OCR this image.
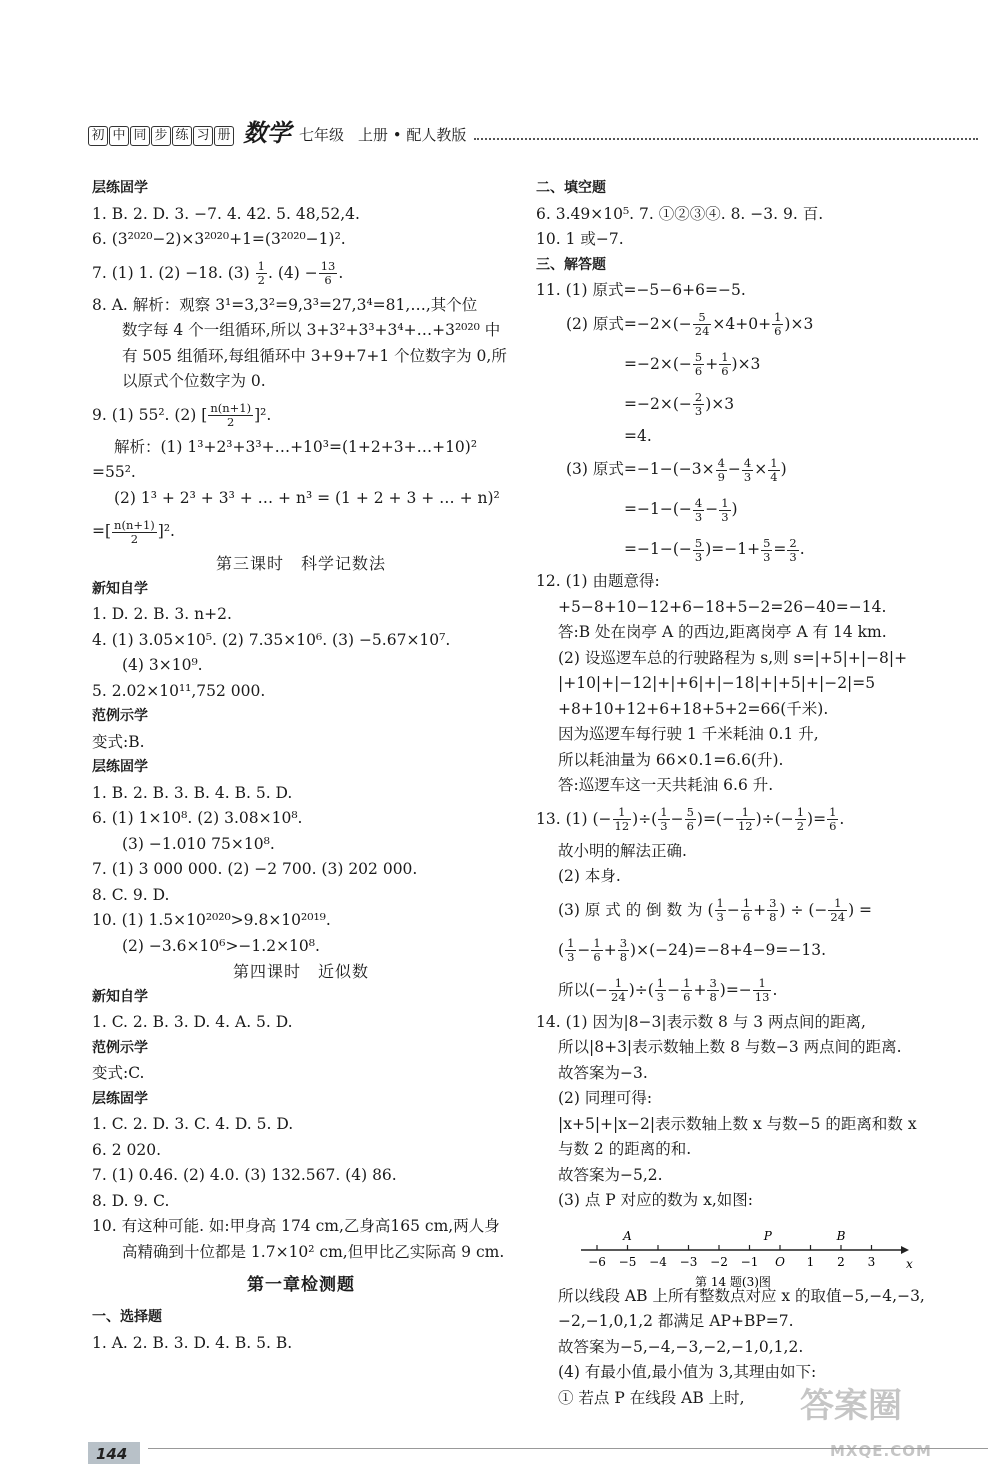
初 中 同 步 练 习 册 数学 七年级 上册 • 配人教版
层练固学
1. B. 2. D. 3. −7. 4. 42. 5. 48,52,4.
6. (3²⁰²⁰−2)×3²⁰²⁰+1=(3²⁰²⁰−1)².
7. (1) 1. (2) −18. $(3) \frac{1}{2}$ . $(4) - \frac{13}{6}$ .
8. A. 解析：观察 3¹=3,3²=9,3³=27,3⁴=81,…,其个位
数字每 4 个一组循环,所以 3+3²+3³+3⁴+…+3²⁰²⁰ 中
有 505 组循环,每组循环中 3+9+7+1 个位数字为 0,所
以原式个位数字为 0.
9. (1) 55². (2) [ $\frac{n(n+1)}{2} ]^2$.
解析：(1) 1³+2³+3³+…+10³=(1+2+3+…+10)²
=55².
(2) 1³ + 2³ + 3³ + … + n³ = (1 + 2 + 3 + … + n)²
=[ $\frac{n(n+1)}{2} ]^2$.
第三课时　科学记数法
新知自学
1. D. 2. B. 3. n+2.
4. (1) 3.05×10⁵. (2) 7.35×10⁶. (3) −5.67×10⁷.
(4) 3×10⁹.
5. 2.02×10¹¹,752 000.
范例示学
变式:B.
层练固学
1. B. 2. B. 3. B. 4. B. 5. D.
6. (1) 1×10⁸. (2) 3.08×10⁸.
(3) −1.010 75×10⁸.
7. (1) 3 000 000. (2) −2 700. (3) 202 000.
8. C. 9. D.
10. (1) 1.5×10²⁰²⁰>9.8×10²⁰¹⁹.
(2) −3.6×10⁶>−1.2×10⁸.
第四课时　近似数
新知自学
1. C. 2. B. 3. D. 4. A. 5. D.
范例示学
变式:C.
层练固学
1. C. 2. D. 3. C. 4. D. 5. D.
6. 2 020.
7. (1) 0.46. (2) 4.0. (3) 132.567. (4) 86.
8. D. 9. C.
10. 有这种可能. 如:甲身高 174 cm,乙身高165 cm,两人身
高精确到十位都是 1.7×10² cm,但甲比乙实际高 9 cm.
第一章检测题
一、选择题
1. A. 2. B. 3. D. 4. B. 5. B.
二、填空题
6. 3.49×10⁵. 7. ①②③④. 8. −3. 9. 百.
10. 1 或−7.
三、解答题
11. (1) 原式=−5−6+6=−5.
(2) 原式$=-2\times(- \frac{5}{24} \times 4+0+ \frac{1}{6} )\times 3$
$=-2\times(- \frac{5}{6} + \frac{1}{6} )\times 3$
$=-2\times(- \frac{2}{3} )\times 3$
=4.
(3) 原式$=-1-(-3\times \frac{4}{9} - \frac{4}{3} \times \frac{1}{4}$ )
$=-1-(- \frac{4}{3} - \frac{1}{3}$ )
$=-1-(- \frac{5}{3} )=-1+ \frac{5}{3} = \frac{2}{3}$ .
12. (1) 由题意得:
+5−8+10−12+6−18+5−2=26−40=−14.
答:B 处在岗亭 A 的西边,距离岗亭 A 有 14 km.
(2) 设巡逻车总的行驶路程为 s,则 s=|+5|+|−8|+
|+10|+|−12|+|+6|+|−18|+|+5|+|−2|=5
+8+10+12+6+18+5+2=66(千米).
因为巡逻车每行驶 1 千米耗油 0.1 升,
所以耗油量为 66×0.1=6.6(升).
答:巡逻车这一天共耗油 6.6 升.
13. (1) (− $\frac{1}{12}$ )÷( $\frac{1}{3} - \frac{5}{6}$ )=(− $\frac{1}{12}$ )÷(− $\frac{1}{2}$ )= $\frac{1}{6}$ .
故小明的解法正确.
(2) 本身.
(3) 原 式 的 倒 数 为 ( $\frac{1}{3} - \frac{1}{6} + \frac{3}{8}$ ) ÷ (− $\frac{1}{24}$ ) =
( $\frac{1}{3} - \frac{1}{6} + \frac{3}{8} )\times(-24)=-8+4-9=-13$.
所以(− $\frac{1}{24}$ )÷( $\frac{1}{3} - \frac{1}{6} + \frac{3}{8}$ )=− $\frac{1}{13}$ .
14. (1) 因为|8−3|表示数 8 与 3 两点间的距离,
所以|8+3|表示数轴上数 8 与数−3 两点间的距离.
故答案为−3.
(2) 同理可得:
|x+5|+|x−2|表示数轴上数 x 与数−5 的距离和数 x
与数 2 的距离的和.
故答案为−5,2.
(3) 点 P 对应的数为 x,如图:
所以线段 AB 上所有整数点对应 x 的取值−5,−4,−3,
−2,−1,0,1,2 都满足 AP+BP=7.
故答案为−5,−4,−3,−2,−1,0,1,2.
(4) 有最小值,最小值为 3,其理由如下:
① 若点 P 在线段 AB 上时,
−6 −5 −4 −3 −2 −1 O 1 2 3
A	P	B
x
第 14 题(3)图
144
答案圈
MXQE.COM
